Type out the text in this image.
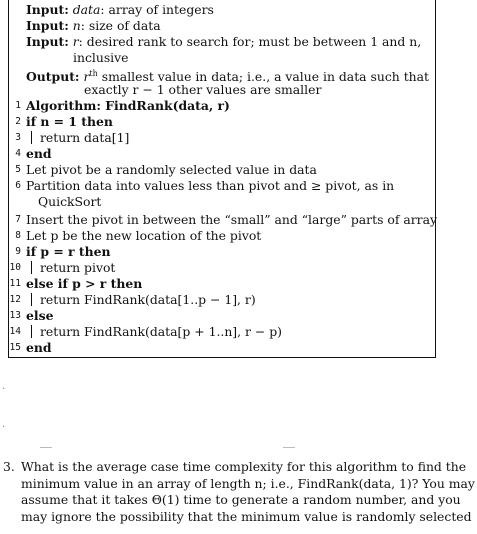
Input: data: array of integers
Input: n: size of data
Input: r: desired rank to search for; must be between 1 and n,
inclusive
Output: $r^{th}$ smallest value in data; i.e., a value in data such that
exactly r − 1 other values are smaller
1 Algorithm: FindRank(data, r)
2 if n = 1 then
3 return data[1]
4 end
5 Let pivot be a randomly selected value in data
6 Partition data into values less than pivot and ≥ pivot, as in
QuickSort
7 Insert the pivot in between the “small” and “large” parts of array
8 Let p be the new location of the pivot
9 if p = r then
10 return pivot
11 else if p > r then
12 return FindRank(data[1..p − 1], r)
13 else
14 return FindRank(data[p + 1..n], r − p)
15 end
·
·
3. What is the average case time complexity for this algorithm to find the
minimum value in an array of length n; i.e., FindRank(data, 1)? You may
assume that it takes Θ(1) time to generate a random number, and you
may ignore the possibility that the minimum value is randomly selected
